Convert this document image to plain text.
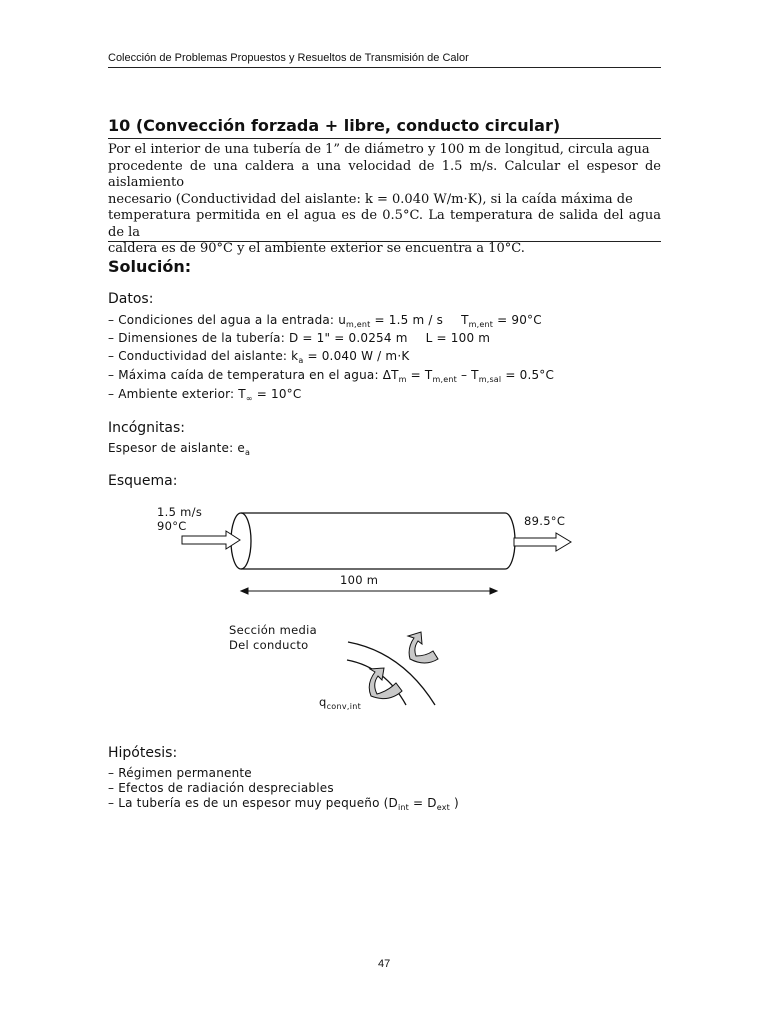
Colección de Problemas Propuestos y Resueltos de Transmisión de Calor
10 (Convección forzada + libre, conducto circular)
Por el interior de una tubería de 1” de diámetro y 100 m de longitud, circula agua
procedente de una caldera a una velocidad de 1.5 m/s. Calcular el espesor de aislamiento
necesario (Conductividad del aislante: k = 0.040 W/m·K), si la caída máxima de
temperatura permitida en el agua es de 0.5°C. La temperatura de salida del agua de la
caldera es de 90°C y el ambiente exterior se encuentra a 10°C.
Solución:
Datos:
– Condiciones del agua a la entrada: $u_{m,ent} = 1.5$ m / s $T_{m,ent} = 90^\circ C$
– Dimensiones de la tubería: D = 1" = 0.0254 m L = 100 m
– Conductividad del aislante: $k_a = 0.040$ W / m·K
– Máxima caída de temperatura en el agua: $\Delta T_m = T_{m,ent} - T_{m,sal} = 0.5^\circ C$
– Ambiente exterior: $T_\infty = 10^\circ C$
Incógnitas:
Espesor de aislante: $e_a$
Esquema:
1.5 m/s
90°C	89.5°C
100 m
Sección media
Del conducto
$q_{conv,int}$
Hipótesis:
– Régimen permanente
– Efectos de radiación despreciables
– La tubería es de un espesor muy pequeño ($D_{int} = D_{ext}$ )
47
